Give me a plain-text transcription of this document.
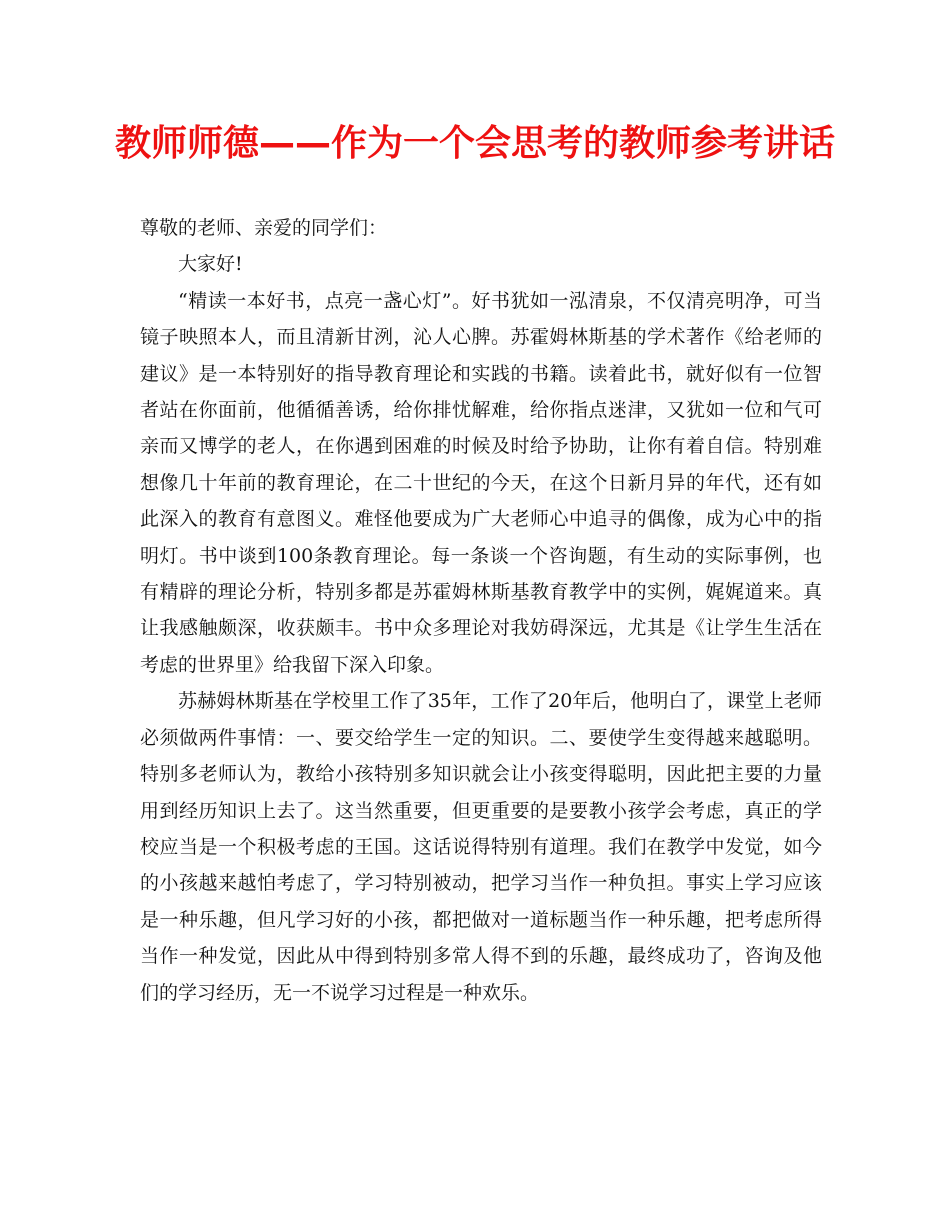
教师师德——作为一个会思考的教师参考讲话

尊敬的老师、亲爱的同学们：

大家好!

“精读一本好书，点亮一盏心灯”。好书犹如一泓清泉，不仅清亮明净，可当镜子映照本人，而且清新甘洌，沁人心脾。苏霍姆林斯基的学术著作《给老师的建议》是一本特别好的指导教育理论和实践的书籍。读着此书，就好似有一位智者站在你面前，他循循善诱，给你排忧解难，给你指点迷津，又犹如一位和气可亲而又博学的老人，在你遇到困难的时候及时给予协助，让你有着自信。特别难想像几十年前的教育理论，在二十世纪的今天，在这个日新月异的年代，还有如此深入的教育有意图义。难怪他要成为广大老师心中追寻的偶像，成为心中的指明灯。书中谈到100条教育理论。每一条谈一个咨询题，有生动的实际事例，也有精辟的理论分析，特别多都是苏霍姆林斯基教育教学中的实例，娓娓道来。真让我感触颇深，收获颇丰。书中众多理论对我妨碍深远，尤其是《让学生生活在考虑的世界里》给我留下深入印象。

苏赫姆林斯基在学校里工作了35年，工作了20年后，他明白了，课堂上老师必须做两件事情：一、要交给学生一定的知识。二、要使学生变得越来越聪明。特别多老师认为，教给小孩特别多知识就会让小孩变得聪明，因此把主要的力量用到经历知识上去了。这当然重要，但更重要的是要教小孩学会考虑，真正的学校应当是一个积极考虑的王国。这话说得特别有道理。我们在教学中发觉，如今的小孩越来越怕考虑了，学习特别被动，把学习当作一种负担。事实上学习应该是一种乐趣，但凡学习好的小孩，都把做对一道标题当作一种乐趣，把考虑所得当作一种发觉，因此从中得到特别多常人得不到的乐趣，最终成功了，咨询及他们的学习经历，无一不说学习过程是一种欢乐。
